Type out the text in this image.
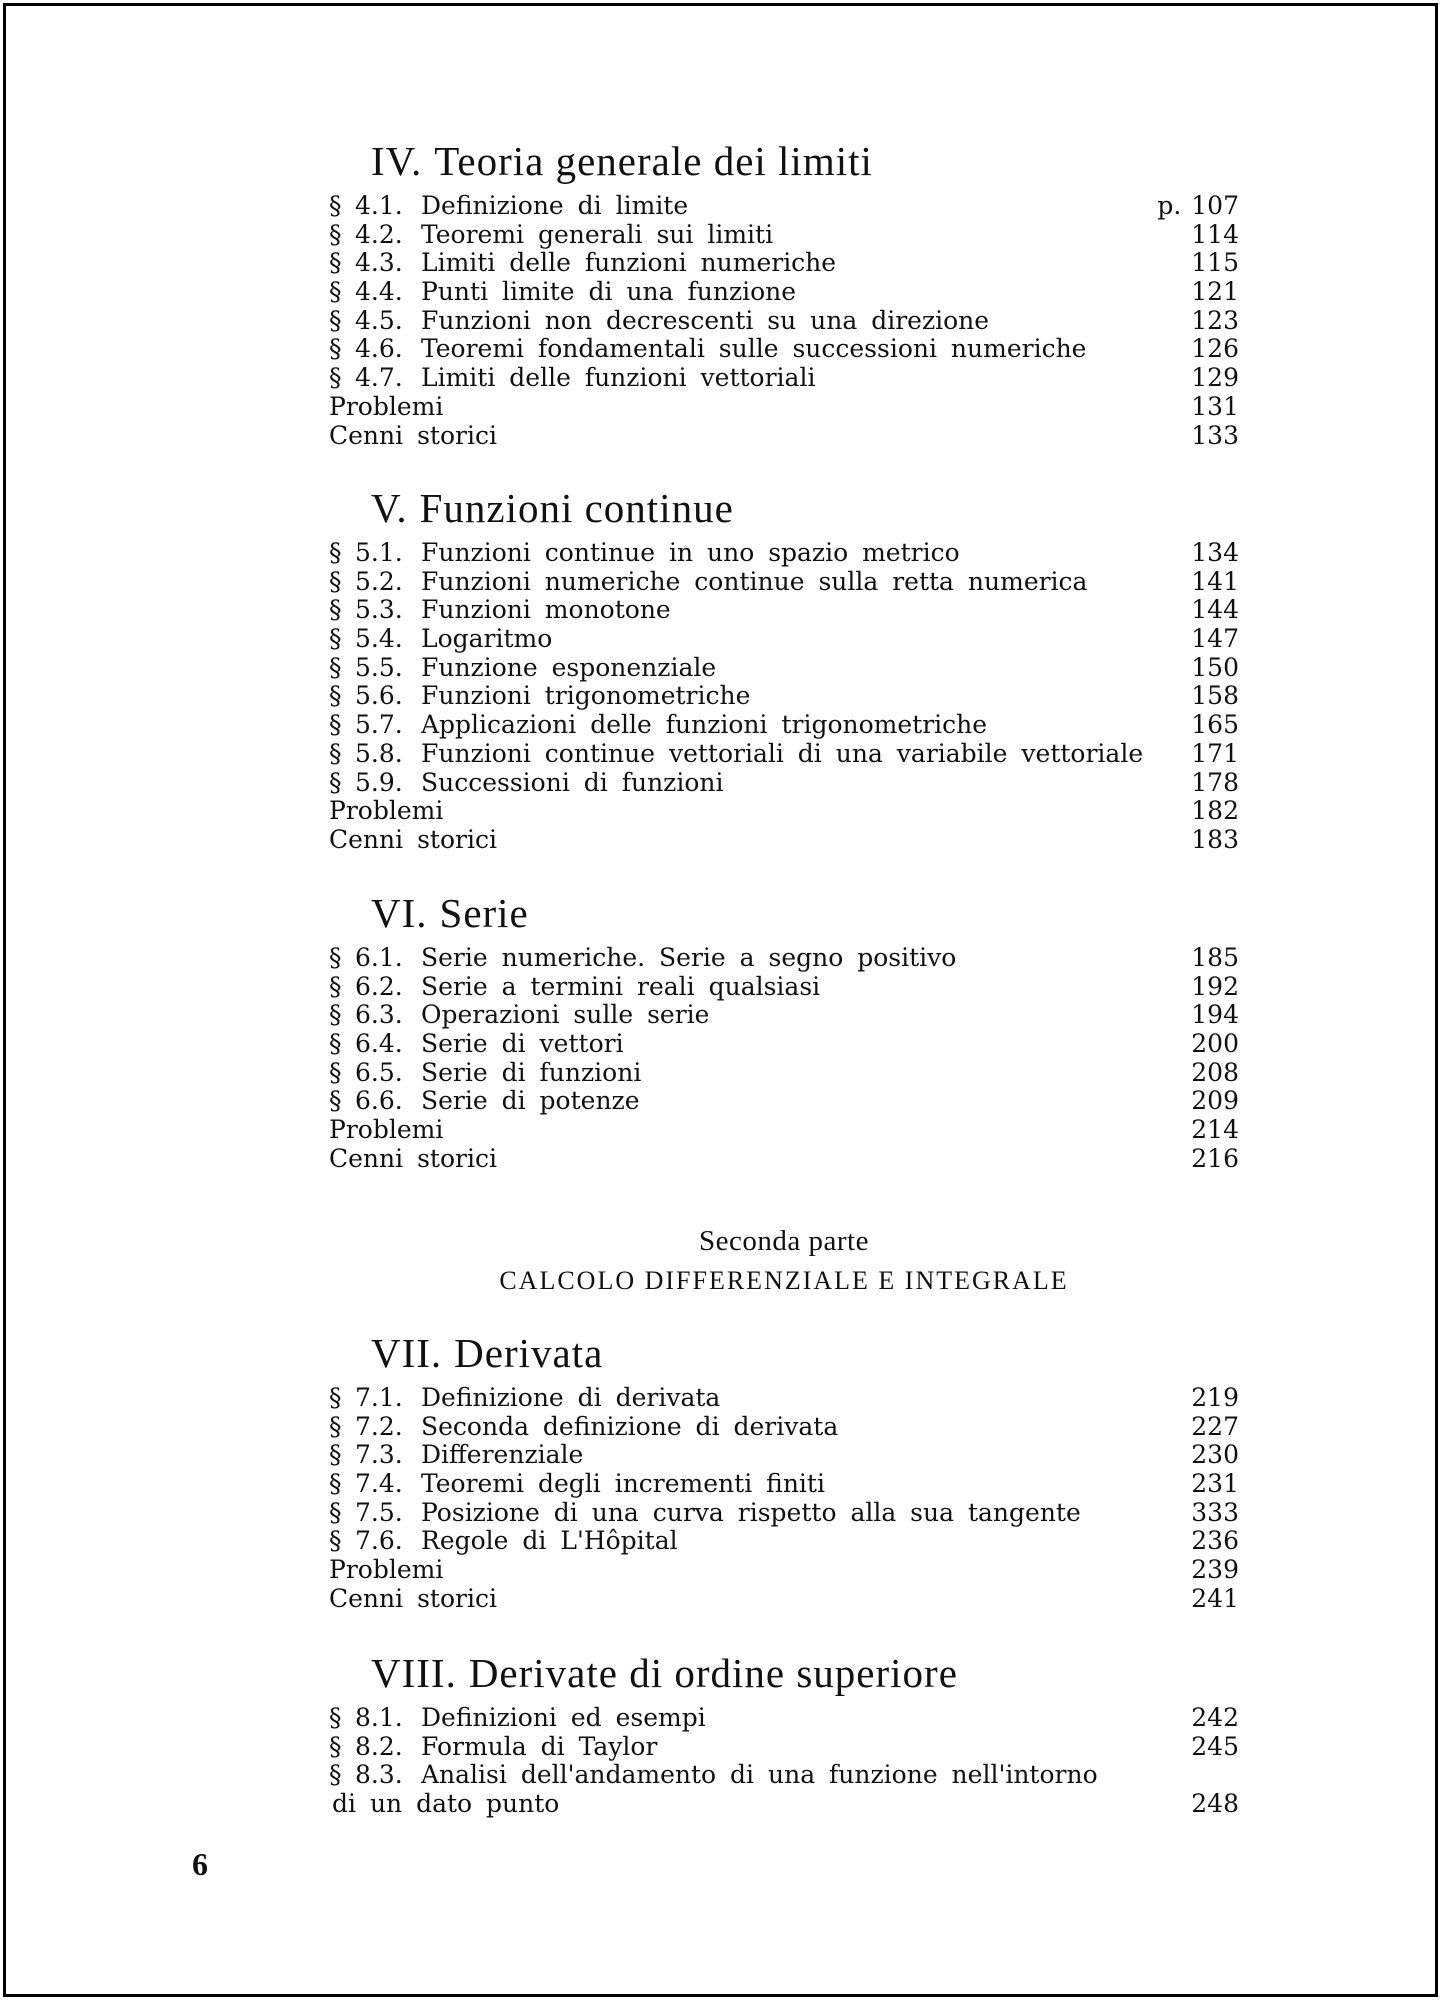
IV. Teoria generale dei limiti
§ 4.1. Definizione di limite	p. 107
§ 4.2. Teoremi generali sui limiti	114
§ 4.3. Limiti delle funzioni numeriche	115
§ 4.4. Punti limite di una funzione	121
§ 4.5. Funzioni non decrescenti su una direzione	123
§ 4.6. Teoremi fondamentali sulle successioni numeriche	126
§ 4.7. Limiti delle funzioni vettoriali	129
Problemi	131
Cenni storici	133
V. Funzioni continue
§ 5.1. Funzioni continue in uno spazio metrico	134
§ 5.2. Funzioni numeriche continue sulla retta numerica	141
§ 5.3. Funzioni monotone	144
§ 5.4. Logaritmo	147
§ 5.5. Funzione esponenziale	150
§ 5.6. Funzioni trigonometriche	158
§ 5.7. Applicazioni delle funzioni trigonometriche	165
§ 5.8. Funzioni continue vettoriali di una variabile vettoriale	171
§ 5.9. Successioni di funzioni	178
Problemi	182
Cenni storici	183
VI. Serie
§ 6.1. Serie numeriche. Serie a segno positivo	185
§ 6.2. Serie a termini reali qualsiasi	192
§ 6.3. Operazioni sulle serie	194
§ 6.4. Serie di vettori	200
§ 6.5. Serie di funzioni	208
§ 6.6. Serie di potenze	209
Problemi	214
Cenni storici	216
Seconda parte
CALCOLO DIFFERENZIALE E INTEGRALE
VII. Derivata
§ 7.1. Definizione di derivata	219
§ 7.2. Seconda definizione di derivata	227
§ 7.3. Differenziale	230
§ 7.4. Teoremi degli incrementi finiti	231
§ 7.5. Posizione di una curva rispetto alla sua tangente	333
§ 7.6. Regole di L'Hôpital	236
Problemi	239
Cenni storici	241
VIII. Derivate di ordine superiore
§ 8.1. Definizioni ed esempi	242
§ 8.2. Formula di Taylor	245
§ 8.3. Analisi dell'andamento di una funzione nell'intorno
di un dato punto	248
6
